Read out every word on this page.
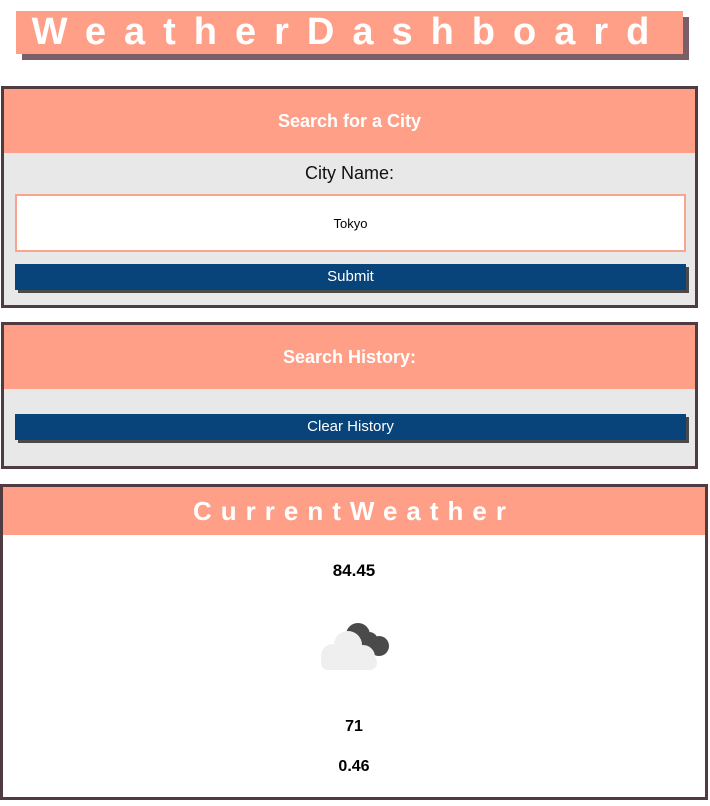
WeatherDashboard
Search for a City
City Name:
Tokyo
Submit
Search History:
Clear History
CurrentWeather
84.45
71
0.46
